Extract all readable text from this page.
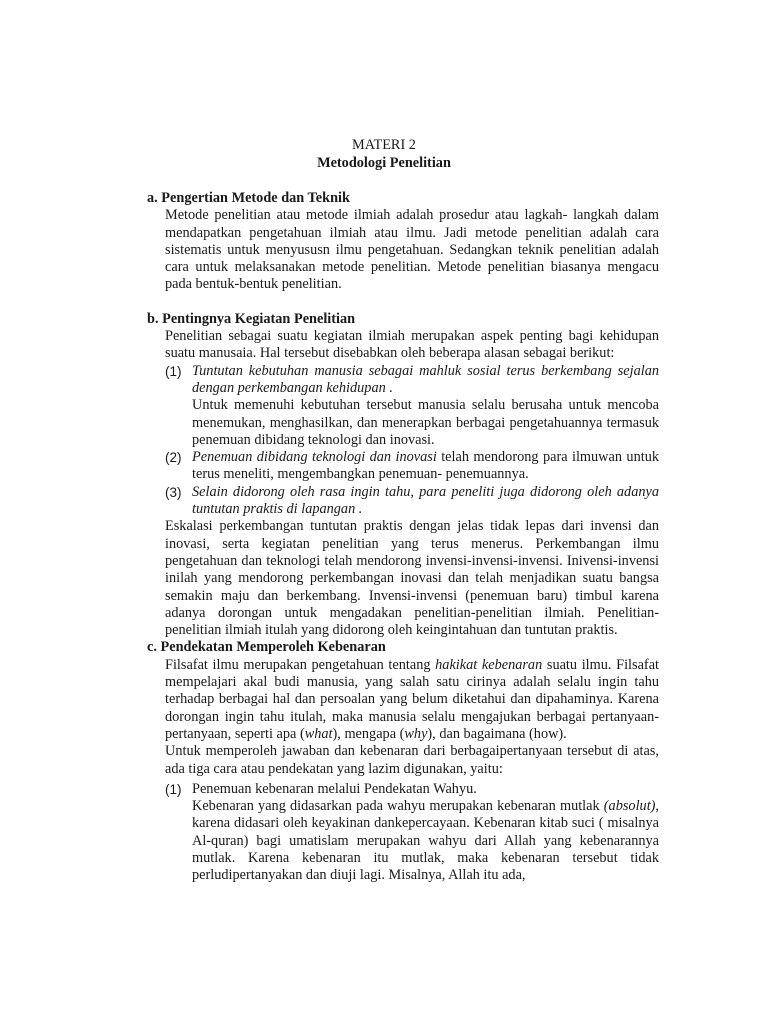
MATERI 2
Metodologi Penelitian
a. Pengertian Metode dan Teknik

Metode penelitian atau metode ilmiah adalah prosedur atau lagkah- langkah dalam mendapatkan pengetahuan ilmiah atau ilmu. Jadi metode penelitian adalah cara sistematis untuk menyususn ilmu pengetahuan. Sedangkan teknik penelitian adalah cara untuk melaksanakan metode penelitian. Metode penelitian biasanya mengacu pada bentuk-bentuk penelitian.

b. Pentingnya Kegiatan Penelitian

Penelitian sebagai suatu kegiatan ilmiah merupakan aspek penting bagi kehidupan suatu manusaia. Hal tersebut disebabkan oleh beberapa alasan sebagai berikut:

(1) Tuntutan kebutuhan manusia sebagai mahluk sosial terus berkembang sejalan dengan perkembangan kehidupan .

Untuk memenuhi kebutuhan tersebut manusia selalu berusaha untuk mencoba menemukan, menghasilkan, dan menerapkan berbagai pengetahuannya termasuk penemuan dibidang teknologi dan inovasi.

(2) Penemuan dibidang teknologi dan inovasi telah mendorong para ilmuwan untuk terus meneliti, mengembangkan penemuan- penemuannya.

(3) Selain didorong oleh rasa ingin tahu, para peneliti juga didorong oleh adanya tuntutan praktis di lapangan .

Eskalasi perkembangan tuntutan praktis dengan jelas tidak lepas dari invensi dan inovasi, serta kegiatan penelitian yang terus menerus. Perkembangan ilmu pengetahuan dan teknologi telah mendorong invensi-invensi-invensi. Inivensi-invensi inilah yang mendorong perkembangan inovasi dan telah menjadikan suatu bangsa semakin maju dan berkembang. Invensi-invensi (penemuan baru) timbul karena adanya dorongan untuk mengadakan penelitian-penelitian ilmiah. Penelitian-penelitian ilmiah itulah yang didorong oleh keingintahuan dan tuntutan praktis.

c. Pendekatan Memperoleh Kebenaran

Filsafat ilmu merupakan pengetahuan tentang hakikat kebenaran suatu ilmu. Filsafat mempelajari akal budi manusia, yang salah satu cirinya adalah selalu ingin tahu terhadap berbagai hal dan persoalan yang belum diketahui dan dipahaminya. Karena dorongan ingin tahu itulah, maka manusia selalu mengajukan berbagai pertanyaan-pertanyaan, seperti apa (what), mengapa (why), dan bagaimana (how).

Untuk memperoleh jawaban dan kebenaran dari berbagaipertanyaan tersebut di atas, ada tiga cara atau pendekatan yang lazim digunakan, yaitu:

(1) Penemuan kebenaran melalui Pendekatan Wahyu.

Kebenaran yang didasarkan pada wahyu merupakan kebenaran mutlak (absolut), karena didasari oleh keyakinan dankepercayaan. Kebenaran kitab suci ( misalnya Al-quran) bagi umatislam merupakan wahyu dari Allah yang kebenarannya mutlak. Karena kebenaran itu mutlak, maka kebenaran tersebut tidak perludipertanyakan dan diuji lagi. Misalnya, Allah itu ada,
